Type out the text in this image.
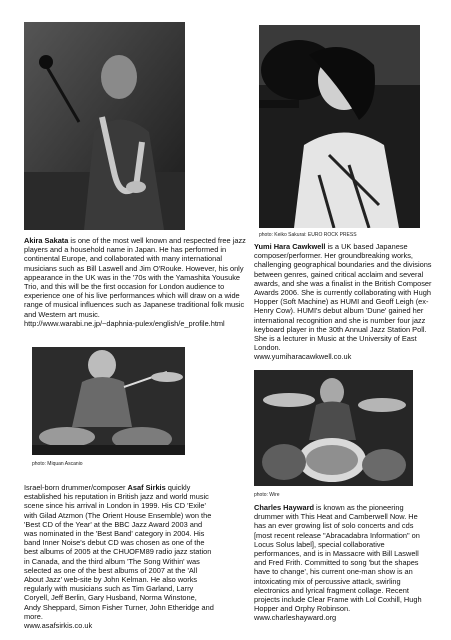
photo: Keiko Sakurai: EURO ROCK PRESS

Akira Sakata is one of the most well known and respected free jazz players and a household name in Japan. He has performed in continental Europe, and collaborated with many international musicians such as Bill Laswell and Jim O'Rouke. However, his only appearance in the UK was in the '70s with the Yamashita Yousuke Trio, and this will be the first occasion for London audience to experience one of his live performances which will draw on a wide range of musical influences such as Japanese traditional folk music and Western art music.
http://www.warabi.ne.jp/~daphnia-pulex/english/e_profile.html

Yumi Hara Cawkwell is a UK based Japanese composer/performer. Her groundbreaking works, challenging geographical boundaries and the divisions between genres, gained critical acclaim and several awards, and she was a finalist in the British Composer Awards 2006. She is currently collaborating with Hugh Hopper (Soft Machine) as HUMI and Geoff Leigh (ex-Henry Cow). HUMI's debut album 'Dune' gained her international recognition and she is number four jazz keyboard player in the 30th Annual Jazz Station Poll. She is a lecturer in Music at the University of East London.
www.yumiharacawkwell.co.uk

photo: Miquan Ascanio
photo: Wire

Israel-born drummer/composer Asaf Sirkis quickly established his reputation in British jazz and world music scene since his arrival in London in 1999. His CD 'Exile' with Gilad Atzmon (The Orient House Ensemble) won the 'Best CD of the Year' at the BBC Jazz Award 2003 and was nominated in the 'Best Band' category in 2004. His band Inner Noise's debut CD was chosen as one of the best albums of 2005 at the CHUOFM89 radio jazz station in Canada, and the third album 'The Song Within' was selected as one of the best albums of 2007 at the 'All About Jazz' web-site by John Kelman. He also works regularly with musicians such as Tim Garland, Larry Coryell, Jeff Berlin, Gary Husband, Norma Winstone, Andy Sheppard, Simon Fisher Turner, John Etheridge and more.
www.asafsirkis.co.uk

Charles Hayward is known as the pioneering drummer with This Heat and Camberwell Now. He has an ever growing list of solo concerts and cds [most recent release "Abracadabra Information" on Locus Solus label], special collaborative performances, and is in Massacre with Bill Laswell and Fred Frith. Committed to song 'but the shapes have to change', his current one-man show is an intoxicating mix of percussive attack, swirling electronics and lyrical fragment collage. Recent projects include Clear Frame with Lol Coxhill, Hugh Hopper and Orphy Robinson.
www.charleshayward.org
